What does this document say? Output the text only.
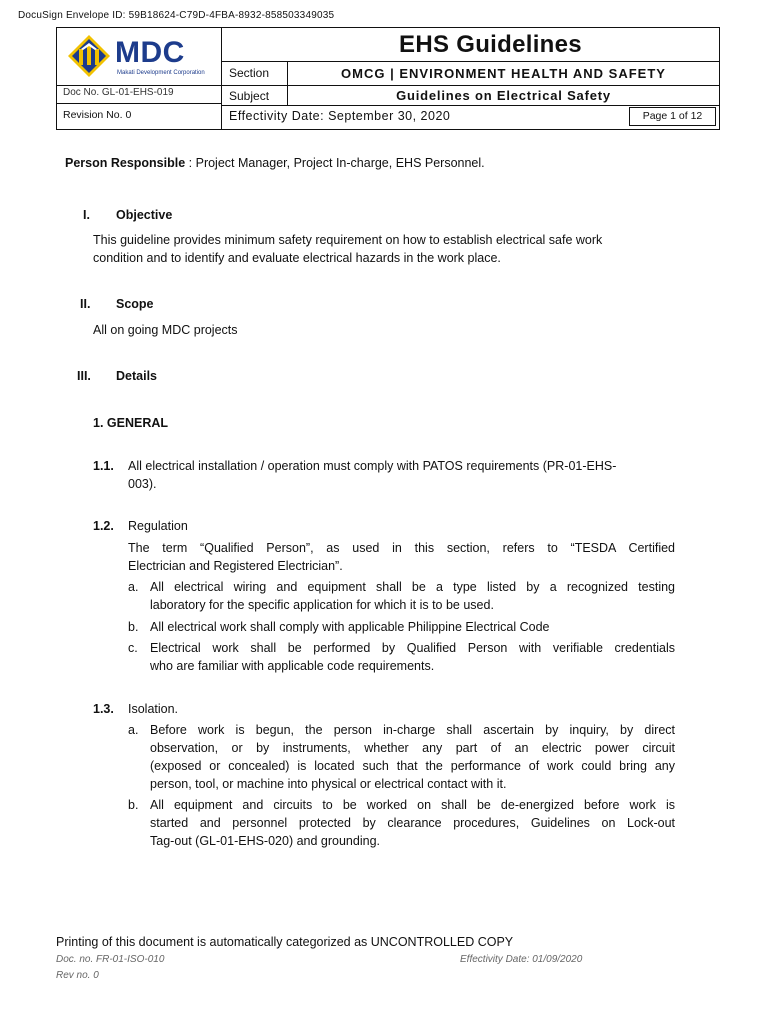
DocuSign Envelope ID: 59B18624-C79D-4FBA-8932-858503349035
MDC
Makati Development Corporation
Doc No. GL-01-EHS-019
Revision No. 0
EHS Guidelines
Section	OMCG | ENVIRONMENT HEALTH AND SAFETY
Subject	Guidelines on Electrical Safety
Effectivity Date: September 30, 2020	Page 1 of 12
Person Responsible : Project Manager, Project In-charge, EHS Personnel.
I. Objective
This guideline provides minimum safety requirement on how to establish electrical safe work
condition and to identify and evaluate electrical hazards in the work place.
II. Scope
All on going MDC projects
III. Details
1. GENERAL
1.1. All electrical installation / operation must comply with PATOS requirements (PR-01-EHS-
003).
1.2. Regulation
The term “Qualified Person”, as used in this section, refers to “TESDA Certified
Electrician and Registered Electrician”.
a. All electrical wiring and equipment shall be a type listed by a recognized testing
laboratory for the specific application for which it is to be used.
b. All electrical work shall comply with applicable Philippine Electrical Code
c. Electrical work shall be performed by Qualified Person with verifiable credentials
who are familiar with applicable code requirements.
1.3. Isolation.
a. Before work is begun, the person in-charge shall ascertain by inquiry, by direct
observation, or by instruments, whether any part of an electric power circuit
(exposed or concealed) is located such that the performance of work could bring any
person, tool, or machine into physical or electrical contact with it.
b. All equipment and circuits to be worked on shall be de-energized before work is
started and personnel protected by clearance procedures, Guidelines on Lock-out
Tag-out (GL-01-EHS-020) and grounding.
Printing of this document is automatically categorized as UNCONTROLLED COPY
Doc. no. FR-01-ISO-010
Rev no. 0
Effectivity Date: 01/09/2020
